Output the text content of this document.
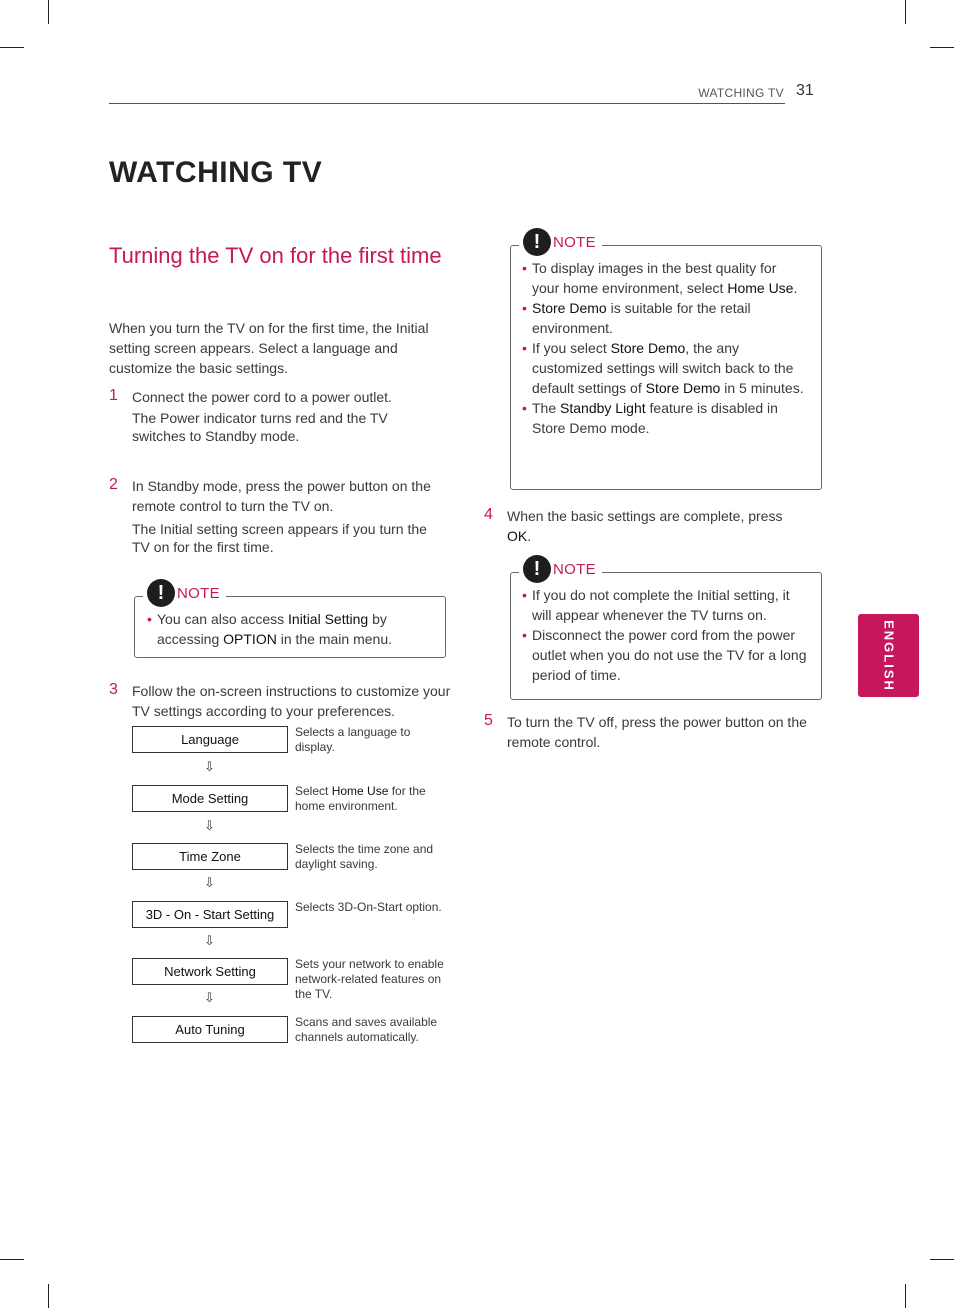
WATCHING TV 31
WATCHING TV
Turning the TV on for the first time

When you turn the TV on for the first time, the Initial setting screen appears. Select a language and customize the basic settings.

1 Connect the power cord to a power outlet.

The Power indicator turns red and the TV switches to Standby mode.

2 In Standby mode, press the power button on the remote control to turn the TV on.

The Initial setting screen appears if you turn the TV on for the first time.

! NOTE
• You can also access Initial Setting by accessing OPTION in the main menu.
3 Follow the on-screen instructions to customize your TV settings according to your preferences.

Language	Selects a language to display.
⇩
Mode Setting	Select Home Use for the home environment.
⇩
Time Zone	Selects the time zone and daylight saving.
⇩
3D - On - Start Setting	Selects 3D-On-Start option.
⇩
Network Setting	Sets your network to enable network-related features on the TV.
⇩
Auto Tuning	Scans and saves available channels automatically.
! NOTE
• To display images in the best quality for your home environment, select Home Use.
• Store Demo is suitable for the retail environment.
• If you select Store Demo, the any customized settings will switch back to the default settings of Store Demo in 5 minutes.
• The Standby Light feature is disabled in Store Demo mode.
4 When the basic settings are complete, press OK.

! NOTE
• If you do not complete the Initial setting, it will appear whenever the TV turns on.
• Disconnect the power cord from the power outlet when you do not use the TV for a long period of time.
5 To turn the TV off, press the power button on the remote control.

ENGLISH
